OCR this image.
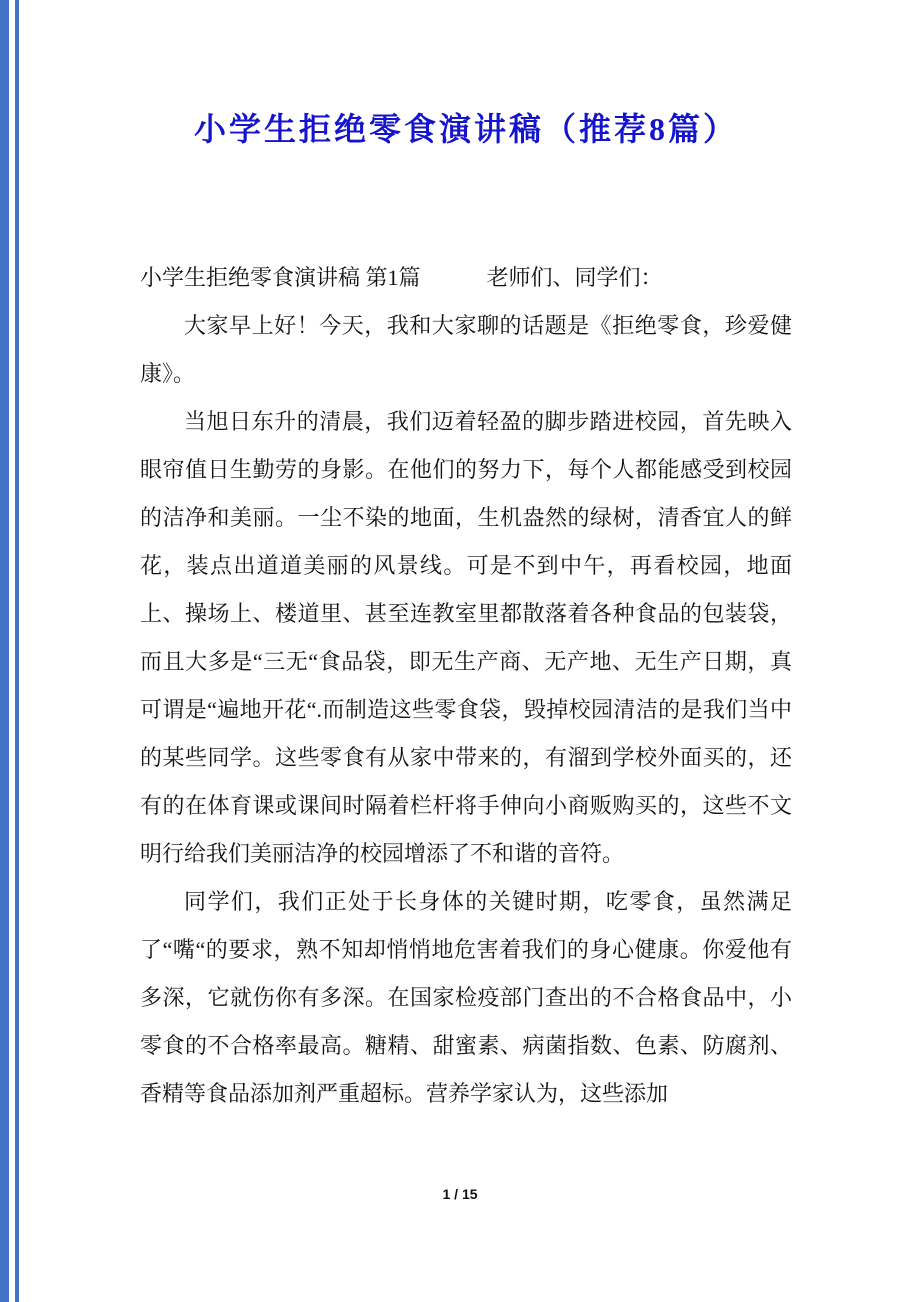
小学生拒绝零食演讲稿（推荐8篇）

小学生拒绝零食演讲稿 第1篇　　　老师们、同学们：

大家早上好！今天，我和大家聊的话题是《拒绝零食，珍爱健康》。

当旭日东升的清晨，我们迈着轻盈的脚步踏进校园，首先映入眼帘值日生勤劳的身影。在他们的努力下，每个人都能感受到校园的洁净和美丽。一尘不染的地面，生机盎然的绿树，清香宜人的鲜花，装点出道道美丽的风景线。可是不到中午，再看校园，地面上、操场上、楼道里、甚至连教室里都散落着各种食品的包装袋，而且大多是“三无“食品袋，即无生产商、无产地、无生产日期，真可谓是“遍地开花“.而制造这些零食袋，毁掉校园清洁的是我们当中的某些同学。这些零食有从家中带来的，有溜到学校外面买的，还有的在体育课或课间时隔着栏杆将手伸向小商贩购买的，这些不文明行给我们美丽洁净的校园增添了不和谐的音符。

同学们，我们正处于长身体的关键时期，吃零食，虽然满足了“嘴“的要求，熟不知却悄悄地危害着我们的身心健康。你爱他有多深，它就伤你有多深。在国家检疫部门查出的不合格食品中，小零食的不合格率最高。糖精、甜蜜素、病菌指数、色素、防腐剂、香精等食品添加剂严重超标。营养学家认为，这些添加

1 / 15
